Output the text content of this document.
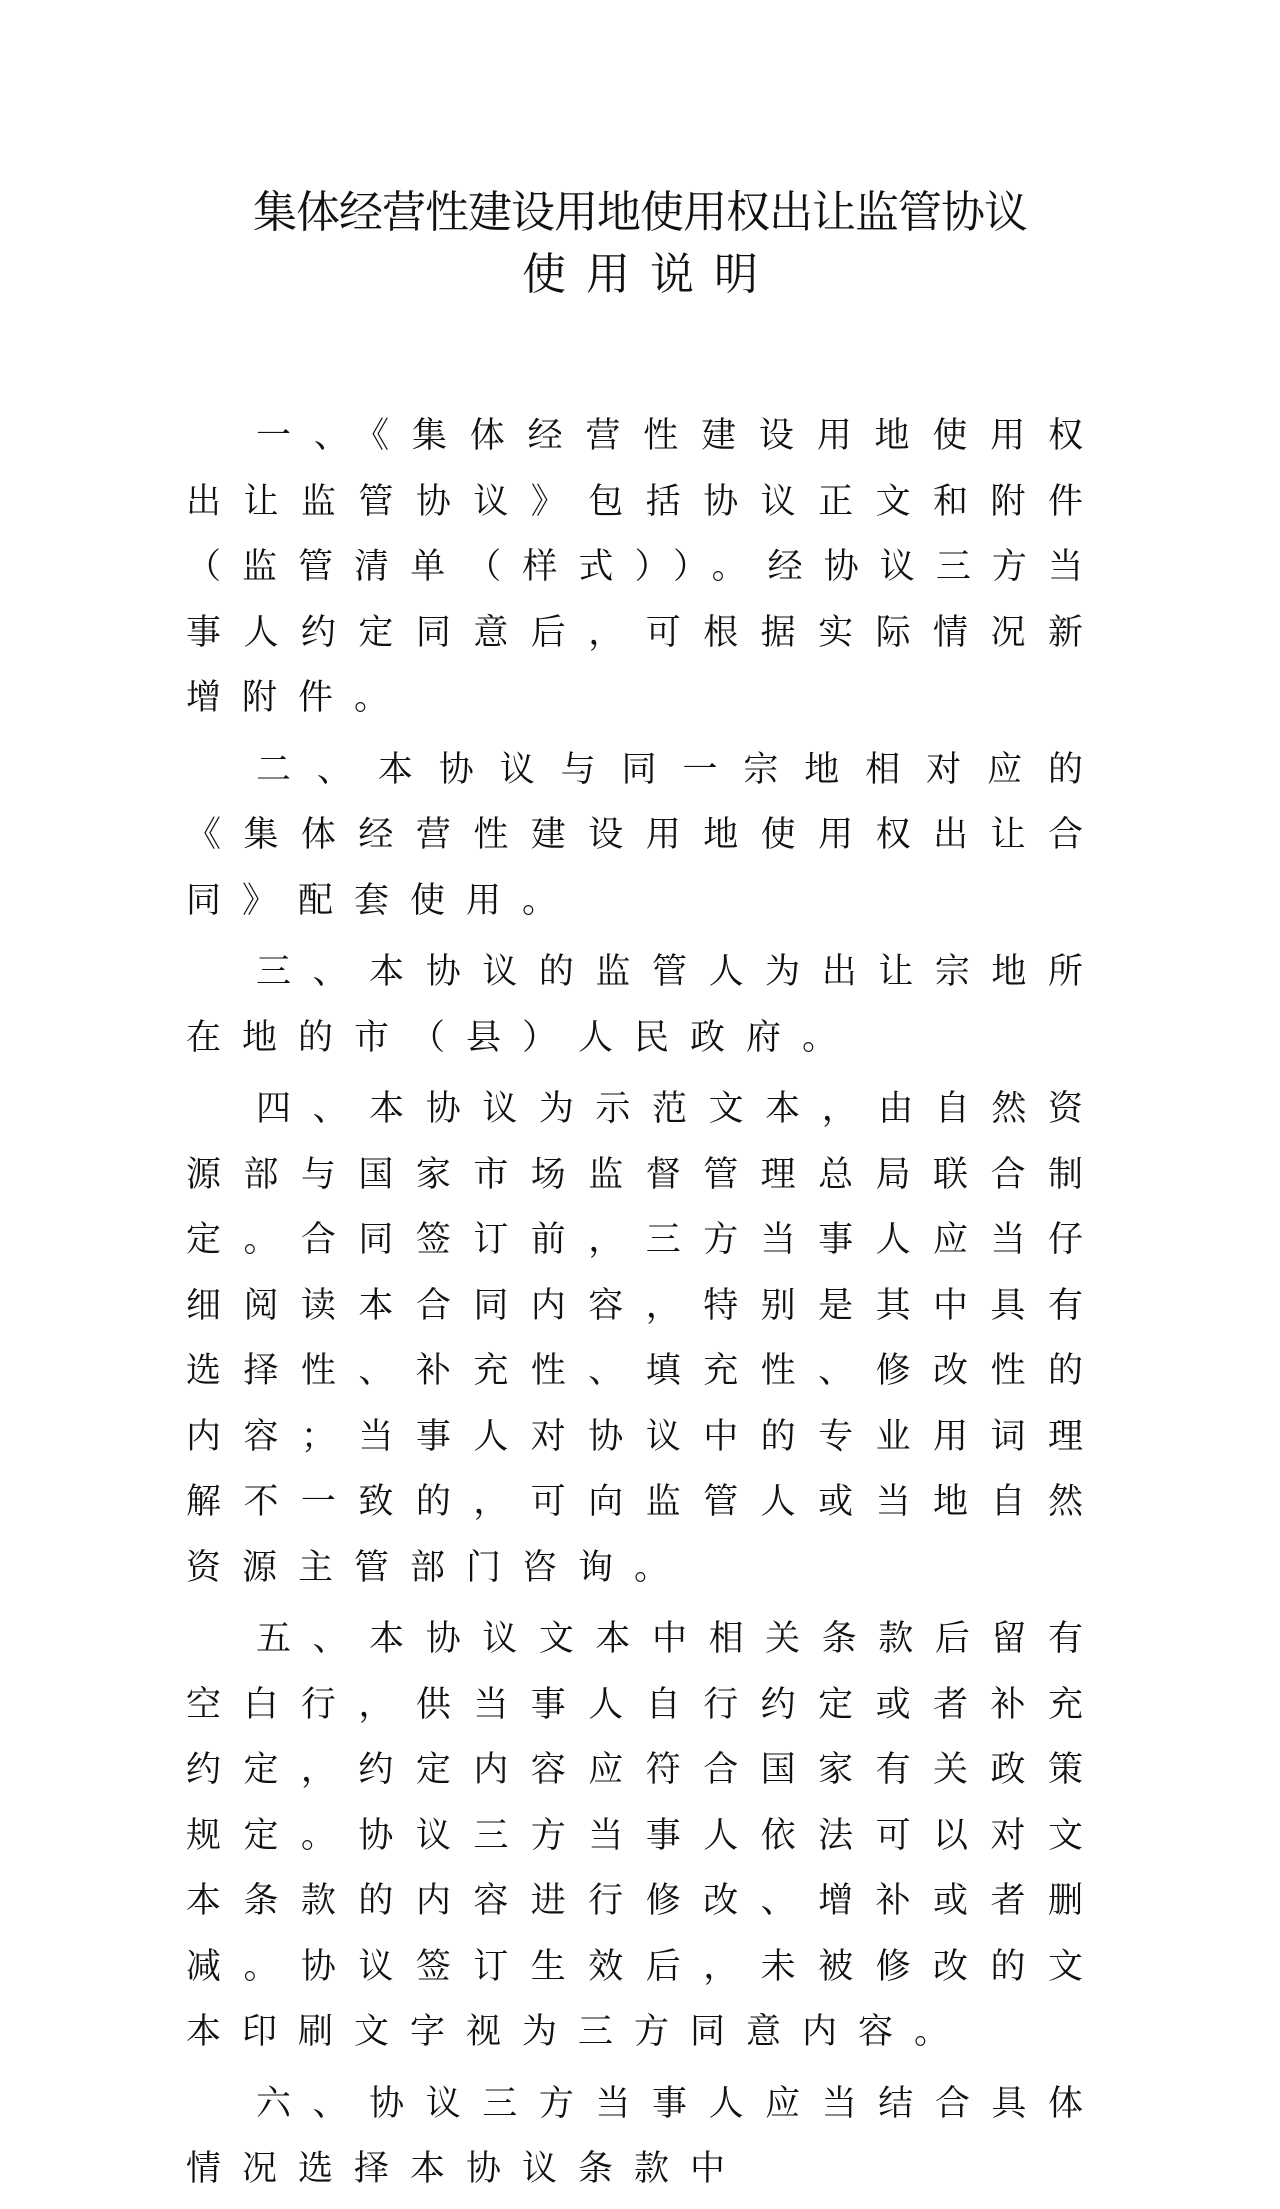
集体经营性建设用地使用权出让监管协议
使用说明

一、《集体经营性建设用地使用权出让监管协议》包括协议正文和附件（监管清单（样式））。经协议三方当事人约定同意后，可根据实际情况新增附件。

二、本协议与同一宗地相对应的《集体经营性建设用地使用权出让合同》配套使用。

三、本协议的监管人为出让宗地所在地的市（县）人民政府。

四、本协议为示范文本，由自然资源部与国家市场监督管理总局联合制定。合同签订前，三方当事人应当仔细阅读本合同内容，特别是其中具有选择性、补充性、填充性、修改性的内容；当事人对协议中的专业用词理解不一致的，可向监管人或当地自然资源主管部门咨询。

五、本协议文本中相关条款后留有空白行，供当事人自行约定或者补充约定，约定内容应符合国家有关政策规定。协议三方当事人依法可以对文本条款的内容进行修改、增补或者删减。协议签订生效后，未被修改的文本印刷文字视为三方同意内容。

六、协议三方当事人应当结合具体情况选择本协议条款中
